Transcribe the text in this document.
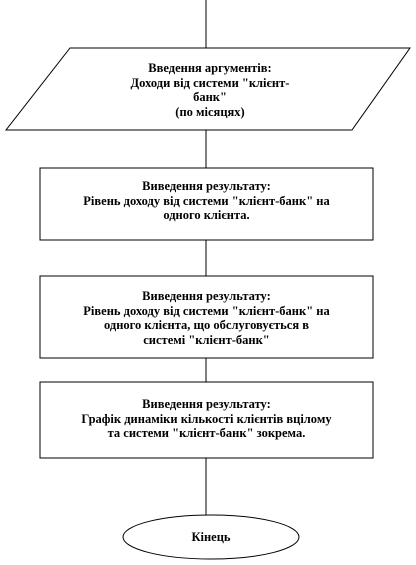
Введення аргументів:
Доходи від системи "клієнт-
банк"
(по місяцях)
Виведення результату:
Рівень доходу від системи "клієнт-банк" на
одного клієнта.
Виведення результату:
Рівень доходу від системи "клієнт-банк" на
одного клієнта, що обслуговується в
системі "клієнт-банк"
Виведення результату:
Графік динаміки кількості клієнтів вцілому
та системи "клієнт-банк" зокрема.
Кінець
